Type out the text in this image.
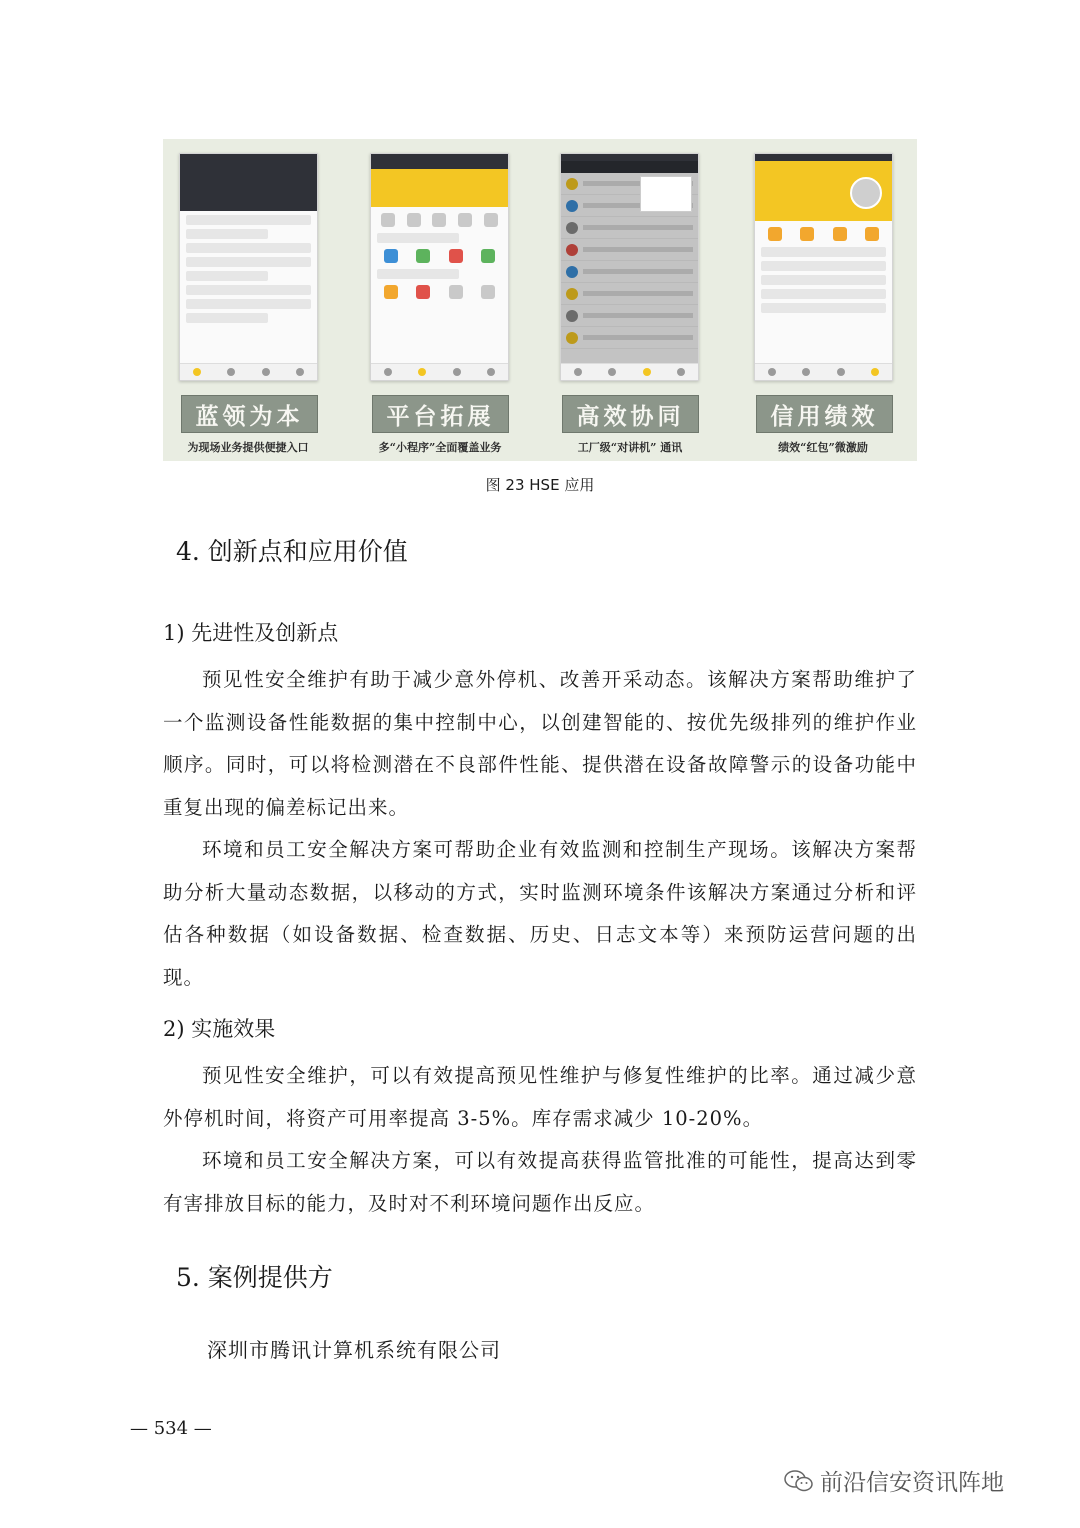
蓝领为本	平台拓展	高效协同	信用绩效
为现场业务提供便捷入口	多“小程序”全面覆盖业务	工厂级“对讲机” 通讯	绩效“红包”微激励
图 23 HSE 应用
4. 创新点和应用价值
1) 先进性及创新点
预见性安全维护有助于减少意外停机、改善开采动态。该解决方案帮助维护了一个监测设备性能数据的集中控制中心，以创建智能的、按优先级排列的维护作业顺序。同时，可以将检测潜在不良部件性能、提供潜在设备故障警示的设备功能中重复出现的偏差标记出来。
环境和员工安全解决方案可帮助企业有效监测和控制生产现场。该解决方案帮助分析大量动态数据，以移动的方式，实时监测环境条件该解决方案通过分析和评估各种数据（如设备数据、检查数据、历史、日志文本等）来预防运营问题的出现。
2) 实施效果
预见性安全维护，可以有效提高预见性维护与修复性维护的比率。通过减少意外停机时间，将资产可用率提高 3-5%。库存需求减少 10-20%。
环境和员工安全解决方案，可以有效提高获得监管批准的可能性，提高达到零有害排放目标的能力，及时对不利环境问题作出反应。
5. 案例提供方
深圳市腾讯计算机系统有限公司
— 534 —
前沿信安资讯阵地
